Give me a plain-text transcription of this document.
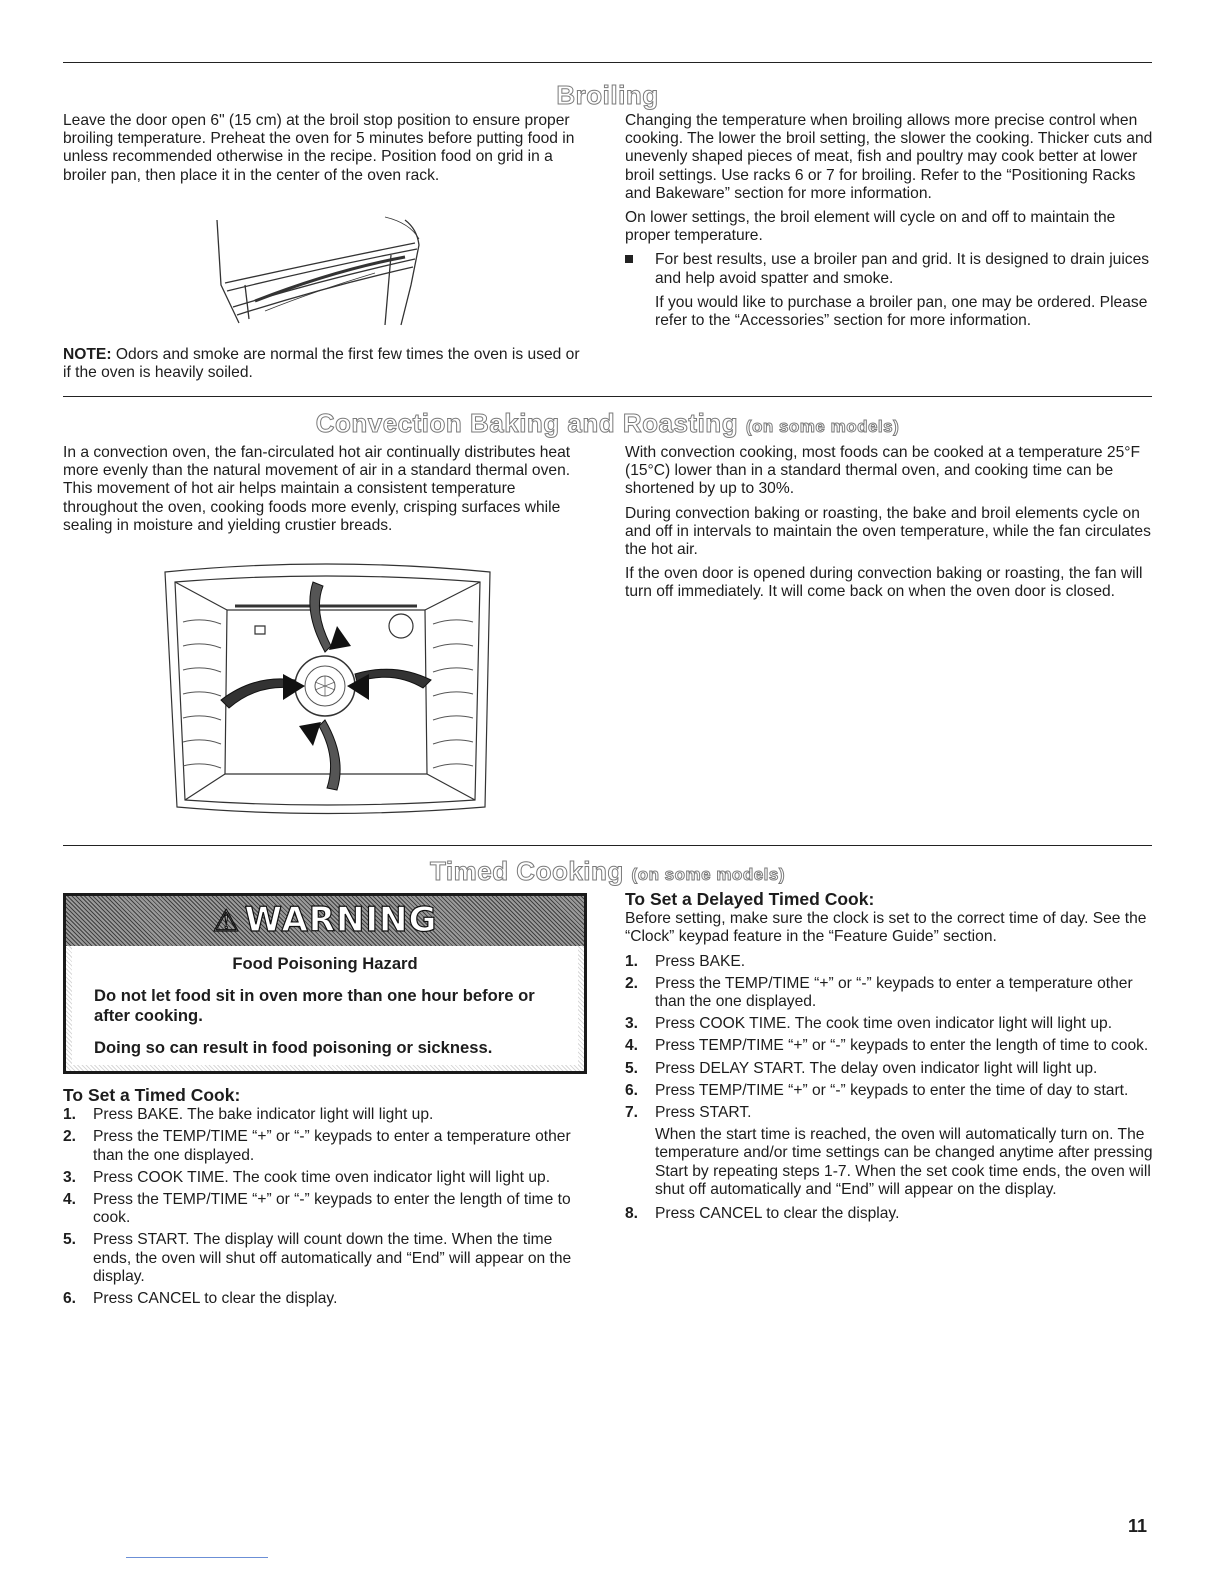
Broiling

Leave the door open 6" (15 cm) at the broil stop position to ensure proper broiling temperature. Preheat the oven for 5 minutes before putting food in unless recommended otherwise in the recipe. Position food on grid in a broiler pan, then place it in the center of the oven rack.

NOTE: Odors and smoke are normal the first few times the oven is used or if the oven is heavily soiled.

Changing the temperature when broiling allows more precise control when cooking. The lower the broil setting, the slower the cooking. Thicker cuts and unevenly shaped pieces of meat, fish and poultry may cook better at lower broil settings. Use racks 6 or 7 for broiling. Refer to the “Positioning Racks and Bakeware” section for more information.

On lower settings, the broil element will cycle on and off to maintain the proper temperature.

For best results, use a broiler pan and grid. It is designed to drain juices and help avoid spatter and smoke.

If you would like to purchase a broiler pan, one may be ordered. Please refer to the “Accessories” section for more information.

Convection Baking and Roasting (on some models)

In a convection oven, the fan-circulated hot air continually distributes heat more evenly than the natural movement of air in a standard thermal oven. This movement of hot air helps maintain a consistent temperature throughout the oven, cooking foods more evenly, crisping surfaces while sealing in moisture and yielding crustier breads.

With convection cooking, most foods can be cooked at a temperature 25°F (15°C) lower than in a standard thermal oven, and cooking time can be shortened by up to 30%.

During convection baking or roasting, the bake and broil elements cycle on and off in intervals to maintain the oven temperature, while the fan circulates the hot air.

If the oven door is opened during convection baking or roasting, the fan will turn off immediately. It will come back on when the oven door is closed.

Timed Cooking (on some models)
⚠ WARNING
Food Poisoning Hazard

Do not let food sit in oven more than one hour before or after cooking.

Doing so can result in food poisoning or sickness.

To Set a Timed Cook:
1. Press BAKE. The bake indicator light will light up.
2. Press the TEMP/TIME “+” or “-” keypads to enter a temperature other than the one displayed.
3. Press COOK TIME. The cook time oven indicator light will light up.
4. Press the TEMP/TIME “+” or “-” keypads to enter the length of time to cook.
5. Press START. The display will count down the time. When the time ends, the oven will shut off automatically and “End” will appear on the display.
6. Press CANCEL to clear the display.
To Set a Delayed Timed Cook:

Before setting, make sure the clock is set to the correct time of day. See the “Clock” keypad feature in the “Feature Guide” section.

1. Press BAKE.
2. Press the TEMP/TIME “+” or “-” keypads to enter a temperature other than the one displayed.
3. Press COOK TIME. The cook time oven indicator light will light up.
4. Press TEMP/TIME “+” or “-” keypads to enter the length of time to cook.
5. Press DELAY START. The delay oven indicator light will light up.
6. Press TEMP/TIME “+” or “-” keypads to enter the time of day to start.
7. Press START.

When the start time is reached, the oven will automatically turn on. The temperature and/or time settings can be changed anytime after pressing Start by repeating steps 1-7. When the set cook time ends, the oven will shut off automatically and “End” will appear on the display.

8. Press CANCEL to clear the display.
11
